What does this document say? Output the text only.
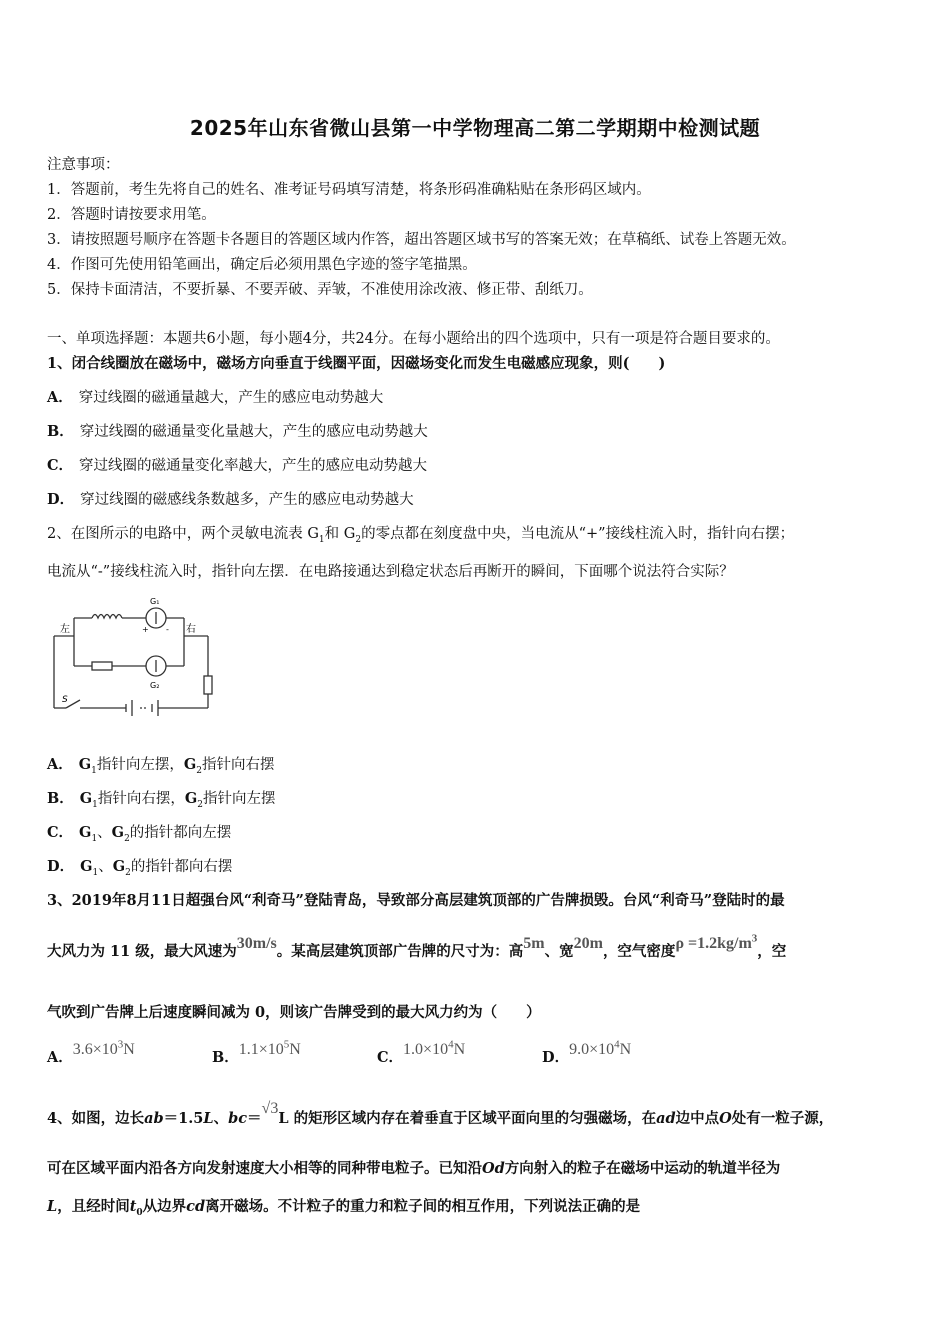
2025年山东省微山县第一中学物理高二第二学期期中检测试题
注意事项：
1．答题前，考生先将自己的姓名、准考证号码填写清楚，将条形码准确粘贴在条形码区域内。
2．答题时请按要求用笔。
3．请按照题号顺序在答题卡各题目的答题区域内作答，超出答题区域书写的答案无效；在草稿纸、试卷上答题无效。
4．作图可先使用铅笔画出，确定后必须用黑色字迹的签字笔描黑。
5．保持卡面清洁，不要折暴、不要弄破、弄皱，不准使用涂改液、修正带、刮纸刀。
一、单项选择题：本题共6小题，每小题4分，共24分。在每小题给出的四个选项中，只有一项是符合题目要求的。
1、闭合线圈放在磁场中，磁场方向垂直于线圈平面，因磁场变化而发生电磁感应现象，则(　　)
A． 穿过线圈的磁通量越大，产生的感应电动势越大
B． 穿过线圈的磁通量变化量越大，产生的感应电动势越大
C． 穿过线圈的磁通量变化率越大，产生的感应电动势越大
D． 穿过线圈的磁感线条数越多，产生的感应电动势越大
2、在图所示的电路中，两个灵敏电流表 $G_1$和 $G_2$的零点都在刻度盘中央，当电流从“+”接线柱流入时，指针向右摆；
电流从“-”接线柱流入时，指针向左摆．在电路接通达到稳定状态后再断开的瞬间，下面哪个说法符合实际？
左	右
G₁
G₂
+ -
S
A． $G_1$指针向左摆，$G_2$指针向右摆
B． $G_1$指针向右摆，$G_2$指针向左摆
C． $G_1$、$G_2$的指针都向左摆
D． $G_1$、$G_2$的指针都向右摆
3、2019年8月11日超强台风“利奇马”登陆青岛，导致部分高层建筑顶部的广告牌损毁。台风“利奇马”登陆时的最
大风力为 11 级，最大风速为30m/s。某高层建筑顶部广告牌的尺寸为：高5m、宽20m，空气密度$\rho =1.2kg/m^3$，空
气吹到广告牌上后速度瞬间减为 0，则该广告牌受到的最大风力约为（　　）
A．$3.6\times 10^3N$	B．$1.1\times 10^5N$	C．$1.0\times 10^4N$	D．$9.0\times 10^4N$
4、如图，边长ab＝1.5L、bc＝√3L 的矩形区域内存在着垂直于区域平面向里的匀强磁场，在ad边中点O处有一粒子源，
可在区域平面内沿各方向发射速度大小相等的同种带电粒子。已知沿Od方向射入的粒子在磁场中运动的轨道半径为
L，且经时间$t_0$从边界cd离开磁场。不计粒子的重力和粒子间的相互作用，下列说法正确的是
